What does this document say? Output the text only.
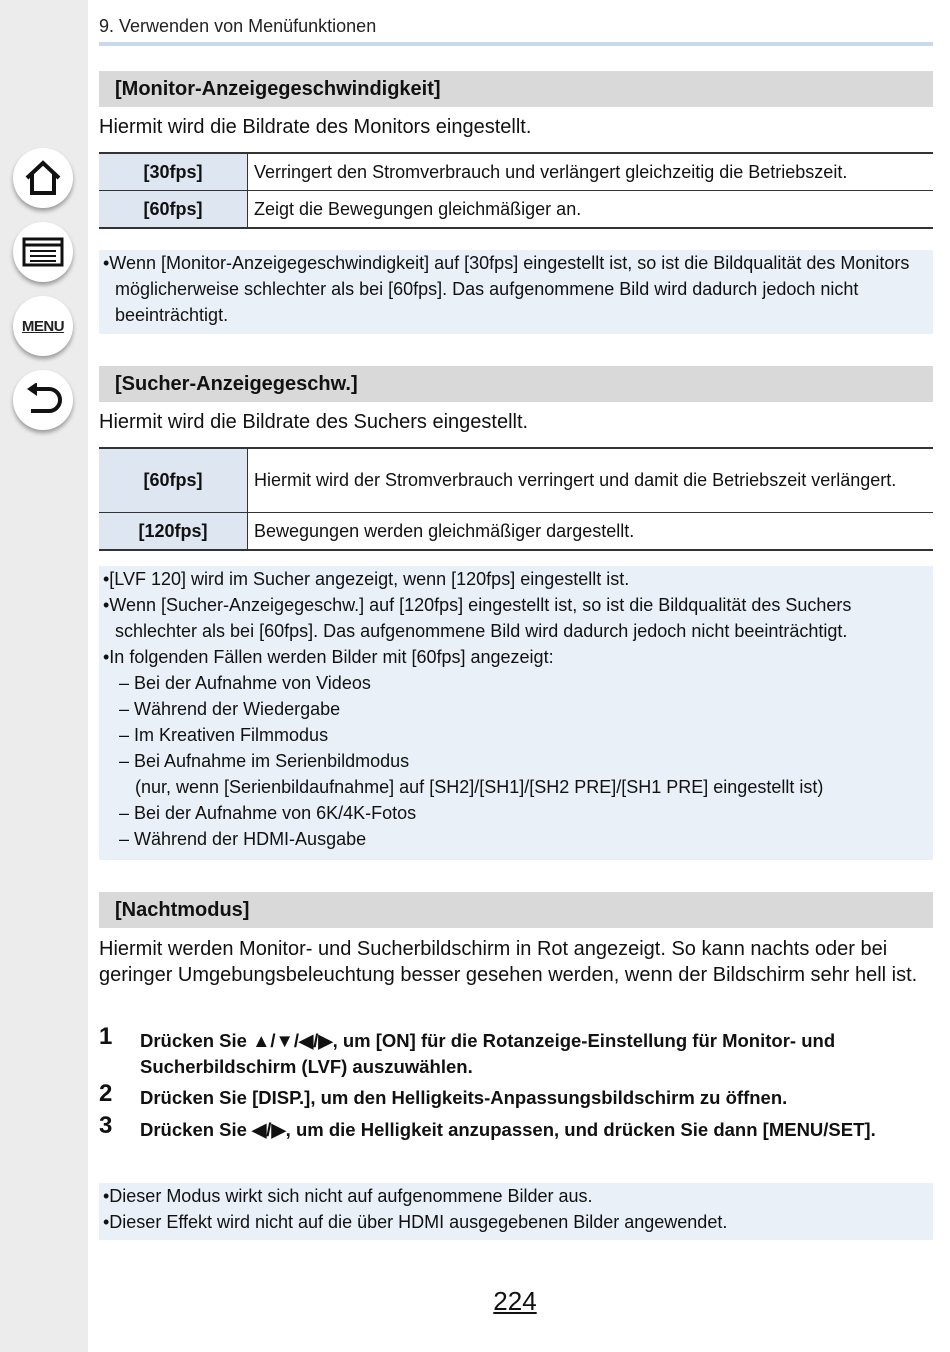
MENU
9. Verwenden von Menüfunktionen
[Monitor-Anzeigegeschwindigkeit]
Hiermit wird die Bildrate des Monitors eingestellt.
[30fps]	Verringert den Stromverbrauch und verlängert gleichzeitig die Betriebszeit.
[60fps]	Zeigt die Bewegungen gleichmäßiger an.
•Wenn [Monitor-Anzeigegeschwindigkeit] auf [30fps] eingestellt ist, so ist die Bildqualität des Monitors möglicherweise schlechter als bei [60fps]. Das aufgenommene Bild wird dadurch jedoch nicht beeinträchtigt.
[Sucher-Anzeigegeschw.]
Hiermit wird die Bildrate des Suchers eingestellt.
[60fps]	Hiermit wird der Stromverbrauch verringert und damit die Betriebszeit verlängert.
[120fps]	Bewegungen werden gleichmäßiger dargestellt.
•[LVF 120] wird im Sucher angezeigt, wenn [120fps] eingestellt ist.
•Wenn [Sucher-Anzeigegeschw.] auf [120fps] eingestellt ist, so ist die Bildqualität des Suchers schlechter als bei [60fps]. Das aufgenommene Bild wird dadurch jedoch nicht beeinträchtigt.
•In folgenden Fällen werden Bilder mit [60fps] angezeigt:
– Bei der Aufnahme von Videos
– Während der Wiedergabe
– Im Kreativen Filmmodus
– Bei Aufnahme im Serienbildmodus
(nur, wenn [Serienbildaufnahme] auf [SH2]/[SH1]/[SH2 PRE]/[SH1 PRE] eingestellt ist)
– Bei der Aufnahme von 6K/4K-Fotos
– Während der HDMI-Ausgabe
[Nachtmodus]
Hiermit werden Monitor- und Sucherbildschirm in Rot angezeigt. So kann nachts oder bei geringer Umgebungsbeleuchtung besser gesehen werden, wenn der Bildschirm sehr hell ist.
1 Drücken Sie ▲/▼/◀/▶, um [ON] für die Rotanzeige-Einstellung für Monitor- und Sucherbildschirm (LVF) auszuwählen.
2 Drücken Sie [DISP.], um den Helligkeits-Anpassungsbildschirm zu öffnen.
3 Drücken Sie ◀/▶, um die Helligkeit anzupassen, und drücken Sie dann [MENU/SET].
•Dieser Modus wirkt sich nicht auf aufgenommene Bilder aus.
•Dieser Effekt wird nicht auf die über HDMI ausgegebenen Bilder angewendet.
224
